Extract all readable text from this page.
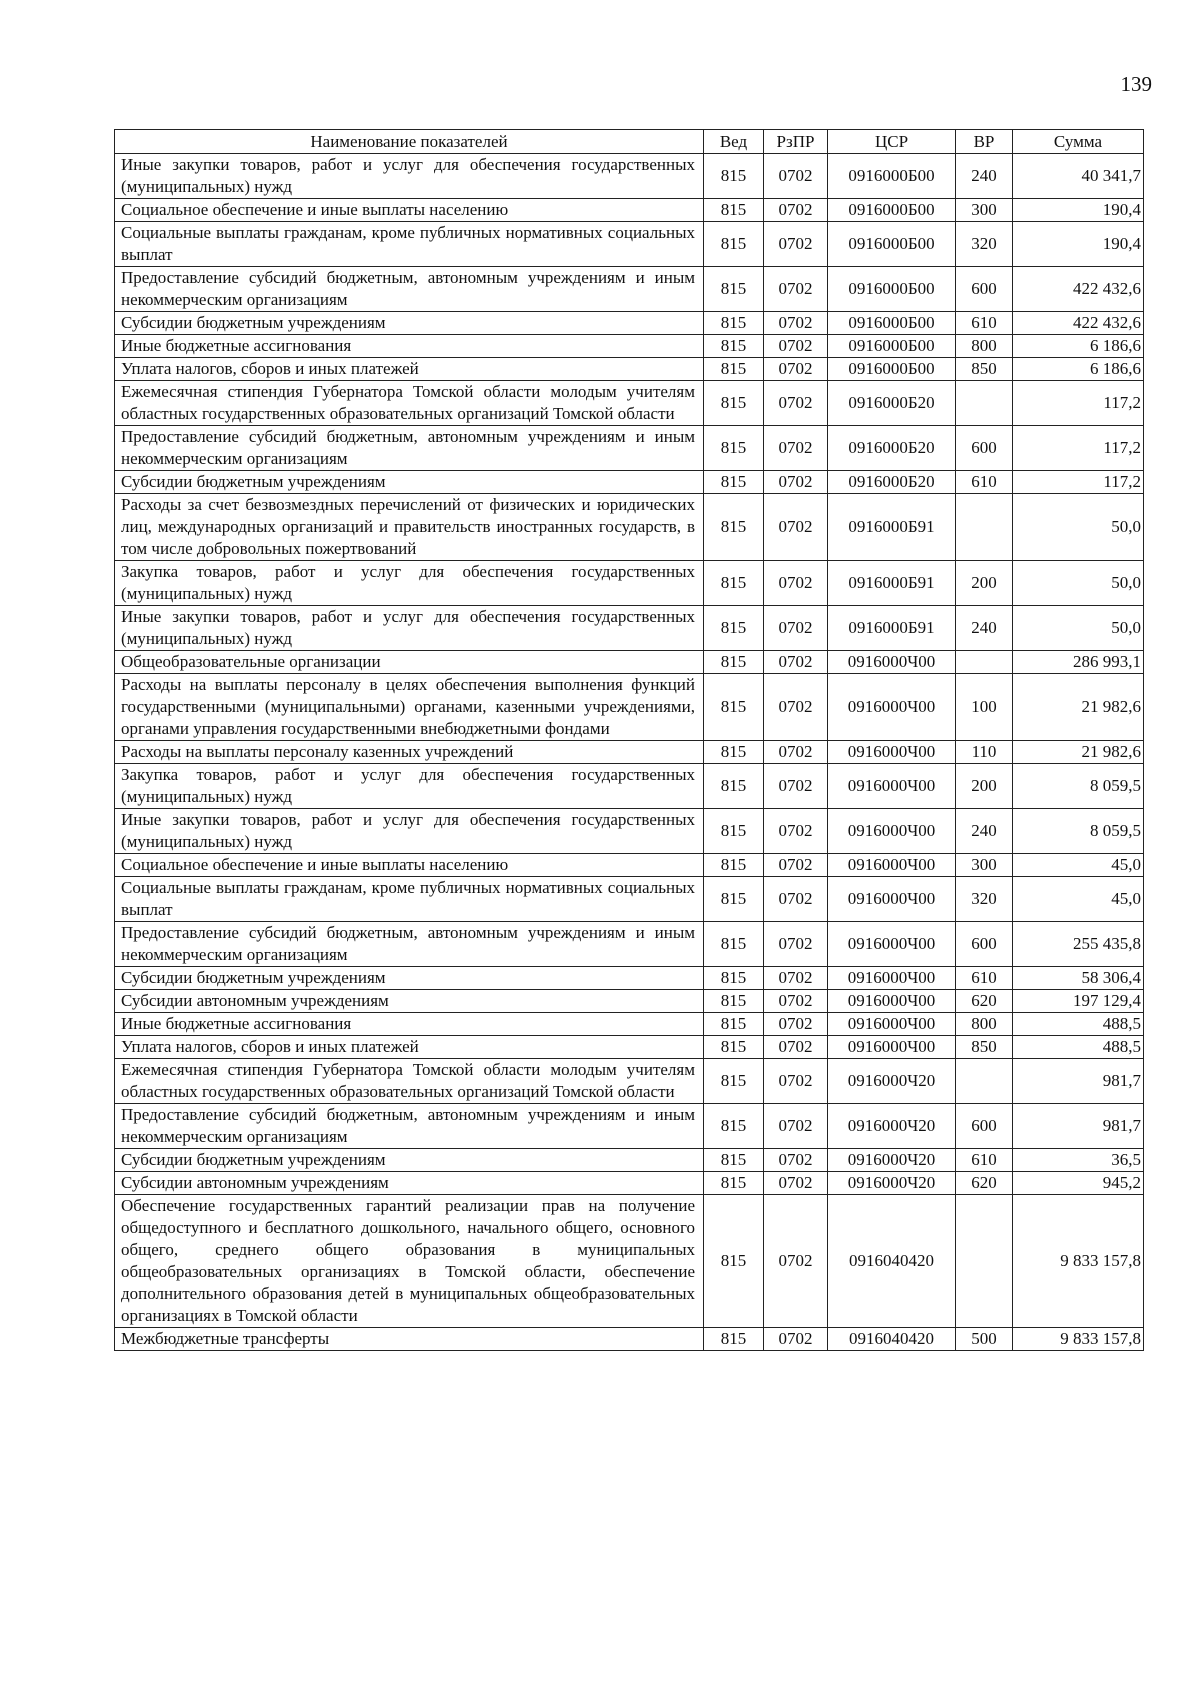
139
Наименование показателей	Вед	РзПР	ЦСР	ВР	Сумма
Иные закупки товаров, работ и услуг для обеспечения государственных (муниципальных) нужд	815	0702	0916000Б00	240	40 341,7
Социальное обеспечение и иные выплаты населению	815	0702	0916000Б00	300	190,4
Социальные выплаты гражданам, кроме публичных нормативных социальных выплат	815	0702	0916000Б00	320	190,4
Предоставление субсидий бюджетным, автономным учреждениям и иным некоммерческим организациям	815	0702	0916000Б00	600	422 432,6
Субсидии бюджетным учреждениям	815	0702	0916000Б00	610	422 432,6
Иные бюджетные ассигнования	815	0702	0916000Б00	800	6 186,6
Уплата налогов, сборов и иных платежей	815	0702	0916000Б00	850	6 186,6
Ежемесячная стипендия Губернатора Томской области молодым учителям областных государственных образовательных организаций Томской области	815	0702	0916000Б20		117,2
Предоставление субсидий бюджетным, автономным учреждениям и иным некоммерческим организациям	815	0702	0916000Б20	600	117,2
Субсидии бюджетным учреждениям	815	0702	0916000Б20	610	117,2
Расходы за счет безвозмездных перечислений от физических и юридических лиц, международных организаций и правительств иностранных государств, в том числе добровольных пожертвований	815	0702	0916000Б91		50,0
Закупка товаров, работ и услуг для обеспечения государственных (муниципальных) нужд	815	0702	0916000Б91	200	50,0
Иные закупки товаров, работ и услуг для обеспечения государственных (муниципальных) нужд	815	0702	0916000Б91	240	50,0
Общеобразовательные организации	815	0702	0916000Ч00		286 993,1
Расходы на выплаты персоналу в целях обеспечения выполнения функций государственными (муниципальными) органами, казенными учреждениями, органами управления государственными внебюджетными фондами	815	0702	0916000Ч00	100	21 982,6
Расходы на выплаты персоналу казенных учреждений	815	0702	0916000Ч00	110	21 982,6
Закупка товаров, работ и услуг для обеспечения государственных (муниципальных) нужд	815	0702	0916000Ч00	200	8 059,5
Иные закупки товаров, работ и услуг для обеспечения государственных (муниципальных) нужд	815	0702	0916000Ч00	240	8 059,5
Социальное обеспечение и иные выплаты населению	815	0702	0916000Ч00	300	45,0
Социальные выплаты гражданам, кроме публичных нормативных социальных выплат	815	0702	0916000Ч00	320	45,0
Предоставление субсидий бюджетным, автономным учреждениям и иным некоммерческим организациям	815	0702	0916000Ч00	600	255 435,8
Субсидии бюджетным учреждениям	815	0702	0916000Ч00	610	58 306,4
Субсидии автономным учреждениям	815	0702	0916000Ч00	620	197 129,4
Иные бюджетные ассигнования	815	0702	0916000Ч00	800	488,5
Уплата налогов, сборов и иных платежей	815	0702	0916000Ч00	850	488,5
Ежемесячная стипендия Губернатора Томской области молодым учителям областных государственных образовательных организаций Томской области	815	0702	0916000Ч20		981,7
Предоставление субсидий бюджетным, автономным учреждениям и иным некоммерческим организациям	815	0702	0916000Ч20	600	981,7
Субсидии бюджетным учреждениям	815	0702	0916000Ч20	610	36,5
Субсидии автономным учреждениям	815	0702	0916000Ч20	620	945,2
Обеспечение государственных гарантий реализации прав на получение общедоступного и бесплатного дошкольного, начального общего, основного общего, среднего общего образования в муниципальных общеобразовательных организациях в Томской области, обеспечение дополнительного образования детей в муниципальных общеобразовательных организациях в Томской области	815	0702	0916040420		9 833 157,8
Межбюджетные трансферты	815	0702	0916040420	500	9 833 157,8
